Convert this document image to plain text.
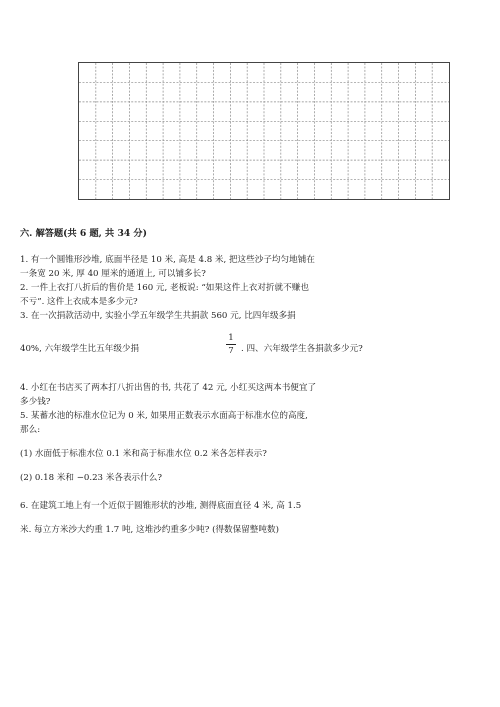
六. 解答题(共 6 题, 共 34 分)
1. 有一个圆锥形沙堆, 底面半径是 10 米, 高是 4.8 米, 把这些沙子均匀地铺在
一条宽 20 米, 厚 40 厘米的通道上, 可以铺多长?
2. 一件上衣打八折后的售价是 160 元, 老板说: “如果这件上衣对折就不赚也
不亏”. 这件上衣成本是多少元?
3. 在一次捐款活动中, 实验小学五年级学生共捐款 560 元, 比四年级多捐
40%, 六年级学生比五年级少捐
1
7 . 四、六年级学生各捐款多少元?
4. 小红在书店买了两本打八折出售的书, 共花了 42 元, 小红买这两本书便宜了
多少钱?
5. 某蓄水池的标准水位记为 0 米, 如果用正数表示水面高于标准水位的高度,
那么:
(1) 水面低于标准水位 0.1 米和高于标准水位 0.2 米各怎样表示?
(2) 0.18 米和 −0.23 米各表示什么?
6. 在建筑工地上有一个近似于圆锥形状的沙堆, 测得底面直径 4 米, 高 1.5
米. 每立方米沙大约重 1.7 吨, 这堆沙约重多少吨? (得数保留整吨数)
